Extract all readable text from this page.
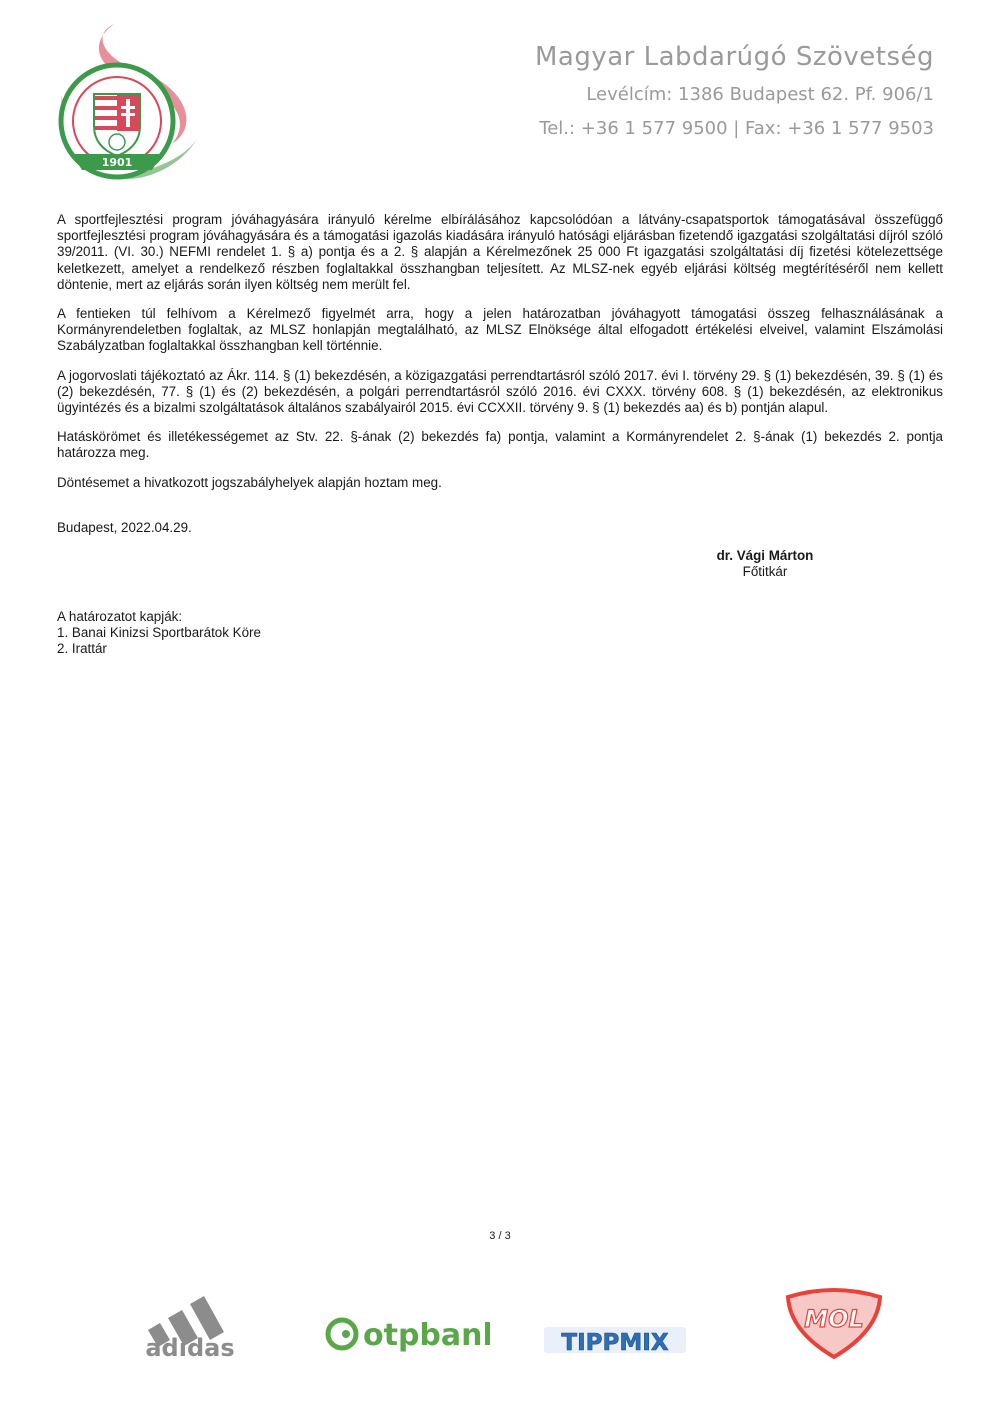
1901
Magyar Labdarúgó Szövetség
Levélcím: 1386 Budapest 62. Pf. 906/1
Tel.: +36 1 577 9500 | Fax: +36 1 577 9503

A sportfejlesztési program jóváhagyására irányuló kérelme elbírálásához kapcsolódóan a látvány-csapatsportok támogatásával összefüggő sportfejlesztési program jóváhagyására és a támogatási igazolás kiadására irányuló hatósági eljárásban fizetendő igazgatási szolgáltatási díjról szóló 39/2011. (VI. 30.) NEFMI rendelet 1. § a) pontja és a 2. § alapján a Kérelmezőnek 25 000 Ft igazgatási szolgáltatási díj fizetési kötelezettsége keletkezett, amelyet a rendelkező részben foglaltakkal összhangban teljesített. Az MLSZ-nek egyéb eljárási költség megtérítéséről nem kellett döntenie, mert az eljárás során ilyen költség nem merült fel.

A fentieken túl felhívom a Kérelmező figyelmét arra, hogy a jelen határozatban jóváhagyott támogatási összeg felhasználásának a Kormányrendeletben foglaltak, az MLSZ honlapján megtalálható, az MLSZ Elnöksége által elfogadott értékelési elveivel, valamint Elszámolási Szabályzatban foglaltakkal összhangban kell történnie.

A jogorvoslati tájékoztató az Ákr. 114. § (1) bekezdésén, a közigazgatási perrendtartásról szóló 2017. évi I. törvény 29. § (1) bekezdésén, 39. § (1) és (2) bekezdésén, 77. § (1) és (2) bekezdésén, a polgári perrendtartásról szóló 2016. évi CXXX. törvény 608. § (1) bekezdésén, az elektronikus ügyintézés és a bizalmi szolgáltatások általános szabályairól 2015. évi CCXXII. törvény 9. § (1) bekezdés aa) és b) pontján alapul.

Hatáskörömet és illetékességemet az Stv. 22. §-ának (2) bekezdés fa) pontja, valamint a Kormányrendelet 2. §-ának (1) bekezdés 2. pontja határozza meg.

Döntésemet a hivatkozott jogszabályhelyek alapján hoztam meg.

Budapest, 2022.04.29.

dr. Vági Márton
Főtitkár
A határozatot kapják:
1. Banai Kinizsi Sportbarátok Köre
2. Irattár
3 / 3
adidas	otpbank	TIPPMIX
MOL
